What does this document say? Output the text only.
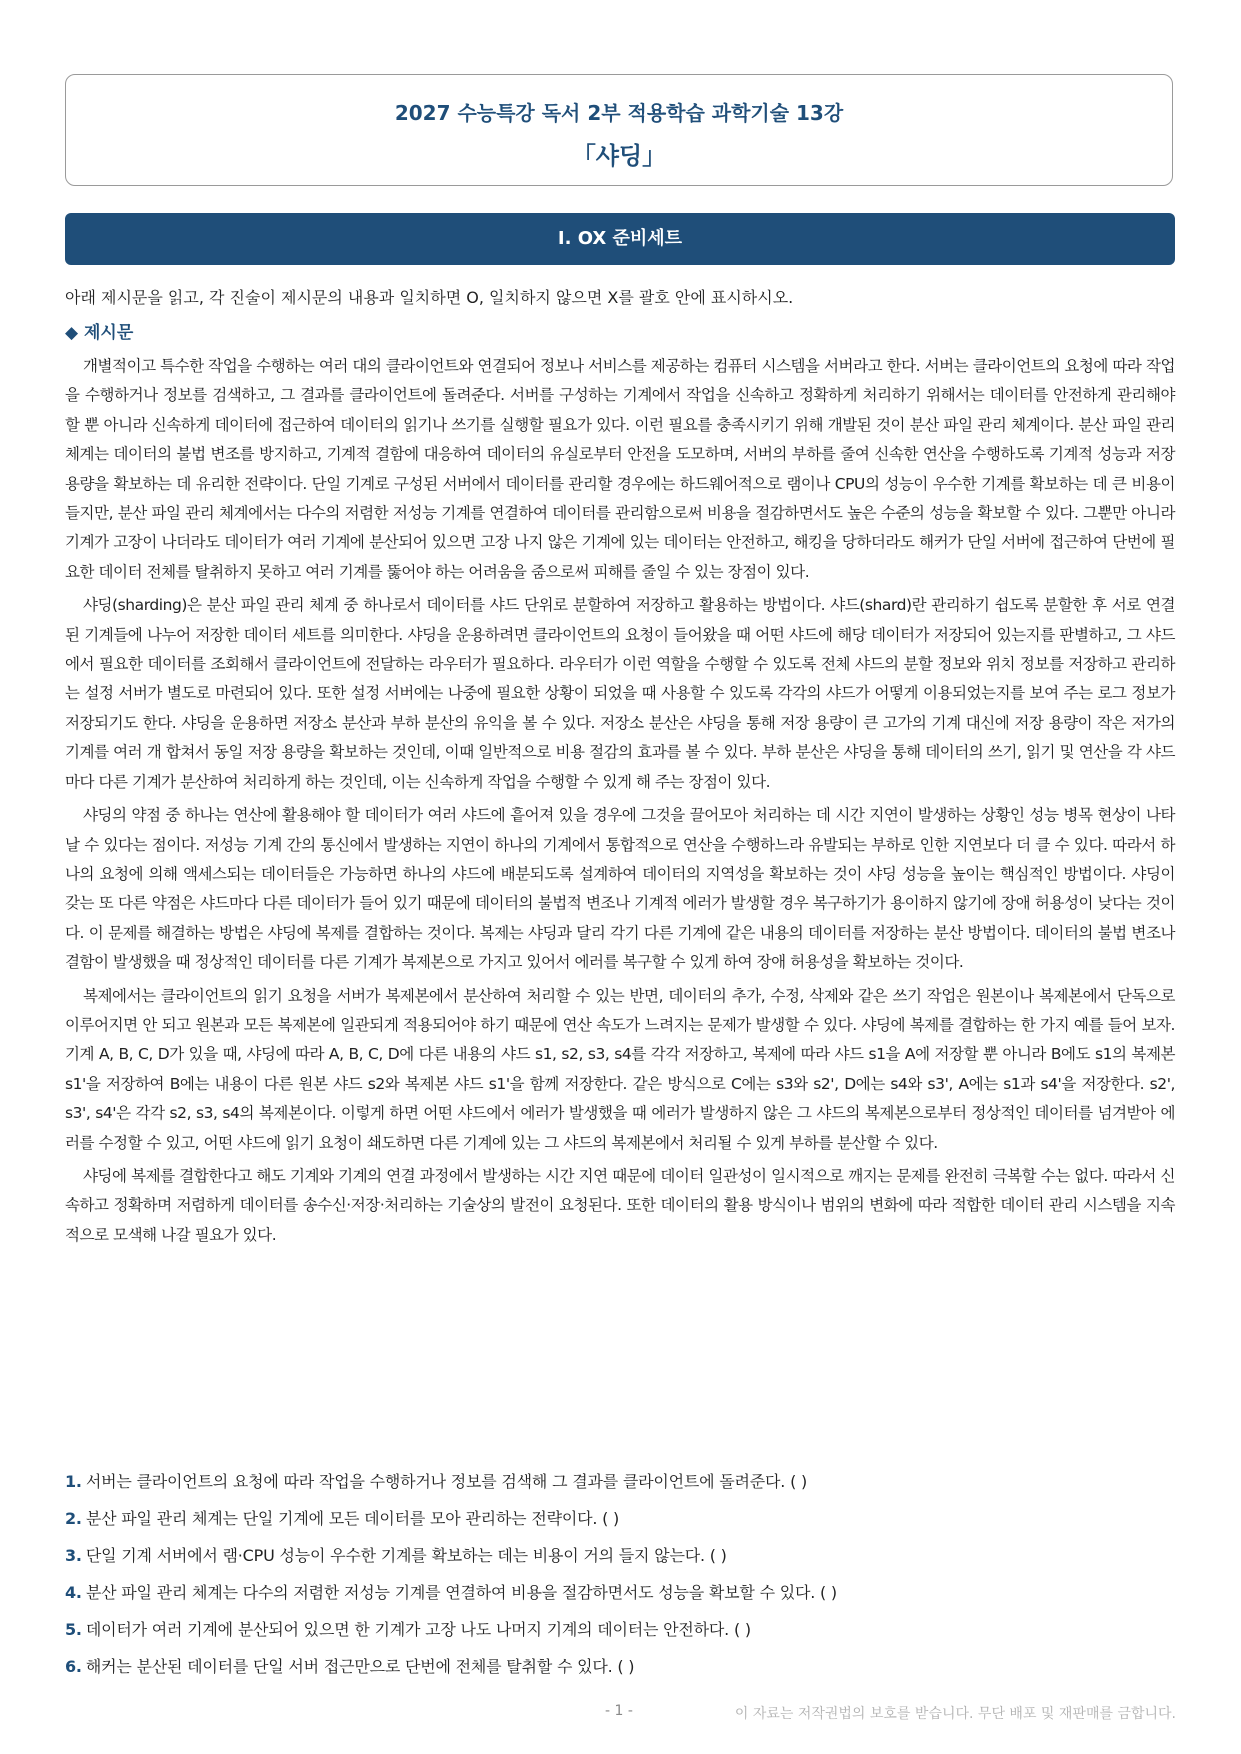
2027 수능특강 독서 2부 적용학습 과학기술 13강
「샤딩」
Ⅰ. OX 준비세트
아래 제시문을 읽고, 각 진술이 제시문의 내용과 일치하면 O, 일치하지 않으면 X를 괄호 안에 표시하시오.
◆ 제시문

개별적이고 특수한 작업을 수행하는 여러 대의 클라이언트와 연결되어 정보나 서비스를 제공하는 컴퓨터 시스템을 서버라고 한다. 서버는 클라이언트의 요청에 따라 작업을 수행하거나 정보를 검색하고, 그 결과를 클라이언트에 돌려준다. 서버를 구성하는 기계에서 작업을 신속하고 정확하게 처리하기 위해서는 데이터를 안전하게 관리해야 할 뿐 아니라 신속하게 데이터에 접근하여 데이터의 읽기나 쓰기를 실행할 필요가 있다. 이런 필요를 충족시키기 위해 개발된 것이 분산 파일 관리 체계이다. 분산 파일 관리 체계는 데이터의 불법 변조를 방지하고, 기계적 결함에 대응하여 데이터의 유실로부터 안전을 도모하며, 서버의 부하를 줄여 신속한 연산을 수행하도록 기계적 성능과 저장 용량을 확보하는 데 유리한 전략이다. 단일 기계로 구성된 서버에서 데이터를 관리할 경우에는 하드웨어적으로 램이나 CPU의 성능이 우수한 기계를 확보하는 데 큰 비용이 들지만, 분산 파일 관리 체계에서는 다수의 저렴한 저성능 기계를 연결하여 데이터를 관리함으로써 비용을 절감하면서도 높은 수준의 성능을 확보할 수 있다. 그뿐만 아니라 기계가 고장이 나더라도 데이터가 여러 기계에 분산되어 있으면 고장 나지 않은 기계에 있는 데이터는 안전하고, 해킹을 당하더라도 해커가 단일 서버에 접근하여 단번에 필요한 데이터 전체를 탈취하지 못하고 여러 기계를 뚫어야 하는 어려움을 줌으로써 피해를 줄일 수 있는 장점이 있다.

샤딩(sharding)은 분산 파일 관리 체계 중 하나로서 데이터를 샤드 단위로 분할하여 저장하고 활용하는 방법이다. 샤드(shard)란 관리하기 쉽도록 분할한 후 서로 연결된 기계들에 나누어 저장한 데이터 세트를 의미한다. 샤딩을 운용하려면 클라이언트의 요청이 들어왔을 때 어떤 샤드에 해당 데이터가 저장되어 있는지를 판별하고, 그 샤드에서 필요한 데이터를 조회해서 클라이언트에 전달하는 라우터가 필요하다. 라우터가 이런 역할을 수행할 수 있도록 전체 샤드의 분할 정보와 위치 정보를 저장하고 관리하는 설정 서버가 별도로 마련되어 있다. 또한 설정 서버에는 나중에 필요한 상황이 되었을 때 사용할 수 있도록 각각의 샤드가 어떻게 이용되었는지를 보여 주는 로그 정보가 저장되기도 한다. 샤딩을 운용하면 저장소 분산과 부하 분산의 유익을 볼 수 있다. 저장소 분산은 샤딩을 통해 저장 용량이 큰 고가의 기계 대신에 저장 용량이 작은 저가의 기계를 여러 개 합쳐서 동일 저장 용량을 확보하는 것인데, 이때 일반적으로 비용 절감의 효과를 볼 수 있다. 부하 분산은 샤딩을 통해 데이터의 쓰기, 읽기 및 연산을 각 샤드마다 다른 기계가 분산하여 처리하게 하는 것인데, 이는 신속하게 작업을 수행할 수 있게 해 주는 장점이 있다.

샤딩의 약점 중 하나는 연산에 활용해야 할 데이터가 여러 샤드에 흩어져 있을 경우에 그것을 끌어모아 처리하는 데 시간 지연이 발생하는 상황인 성능 병목 현상이 나타날 수 있다는 점이다. 저성능 기계 간의 통신에서 발생하는 지연이 하나의 기계에서 통합적으로 연산을 수행하느라 유발되는 부하로 인한 지연보다 더 클 수 있다. 따라서 하나의 요청에 의해 액세스되는 데이터들은 가능하면 하나의 샤드에 배분되도록 설계하여 데이터의 지역성을 확보하는 것이 샤딩 성능을 높이는 핵심적인 방법이다. 샤딩이 갖는 또 다른 약점은 샤드마다 다른 데이터가 들어 있기 때문에 데이터의 불법적 변조나 기계적 에러가 발생할 경우 복구하기가 용이하지 않기에 장애 허용성이 낮다는 것이다. 이 문제를 해결하는 방법은 샤딩에 복제를 결합하는 것이다. 복제는 샤딩과 달리 각기 다른 기계에 같은 내용의 데이터를 저장하는 분산 방법이다. 데이터의 불법 변조나 결함이 발생했을 때 정상적인 데이터를 다른 기계가 복제본으로 가지고 있어서 에러를 복구할 수 있게 하여 장애 허용성을 확보하는 것이다.

복제에서는 클라이언트의 읽기 요청을 서버가 복제본에서 분산하여 처리할 수 있는 반면, 데이터의 추가, 수정, 삭제와 같은 쓰기 작업은 원본이나 복제본에서 단독으로 이루어지면 안 되고 원본과 모든 복제본에 일관되게 적용되어야 하기 때문에 연산 속도가 느려지는 문제가 발생할 수 있다. 샤딩에 복제를 결합하는 한 가지 예를 들어 보자. 기계 A, B, C, D가 있을 때, 샤딩에 따라 A, B, C, D에 다른 내용의 샤드 s1, s2, s3, s4를 각각 저장하고, 복제에 따라 샤드 s1을 A에 저장할 뿐 아니라 B에도 s1의 복제본 s1'을 저장하여 B에는 내용이 다른 원본 샤드 s2와 복제본 샤드 s1'을 함께 저장한다. 같은 방식으로 C에는 s3와 s2', D에는 s4와 s3', A에는 s1과 s4'을 저장한다. s2', s3', s4'은 각각 s2, s3, s4의 복제본이다. 이렇게 하면 어떤 샤드에서 에러가 발생했을 때 에러가 발생하지 않은 그 샤드의 복제본으로부터 정상적인 데이터를 넘겨받아 에러를 수정할 수 있고, 어떤 샤드에 읽기 요청이 쇄도하면 다른 기계에 있는 그 샤드의 복제본에서 처리될 수 있게 부하를 분산할 수 있다.

샤딩에 복제를 결합한다고 해도 기계와 기계의 연결 과정에서 발생하는 시간 지연 때문에 데이터 일관성이 일시적으로 깨지는 문제를 완전히 극복할 수는 없다. 따라서 신속하고 정확하며 저렴하게 데이터를 송수신·저장·처리하는 기술상의 발전이 요청된다. 또한 데이터의 활용 방식이나 범위의 변화에 따라 적합한 데이터 관리 시스템을 지속적으로 모색해 나갈 필요가 있다.

1. 서버는 클라이언트의 요청에 따라 작업을 수행하거나 정보를 검색해 그 결과를 클라이언트에 돌려준다. ( )
2. 분산 파일 관리 체계는 단일 기계에 모든 데이터를 모아 관리하는 전략이다. ( )
3. 단일 기계 서버에서 램·CPU 성능이 우수한 기계를 확보하는 데는 비용이 거의 들지 않는다. ( )
4. 분산 파일 관리 체계는 다수의 저렴한 저성능 기계를 연결하여 비용을 절감하면서도 성능을 확보할 수 있다. ( )
5. 데이터가 여러 기계에 분산되어 있으면 한 기계가 고장 나도 나머지 기계의 데이터는 안전하다. ( )
6. 해커는 분산된 데이터를 단일 서버 접근만으로 단번에 전체를 탈취할 수 있다. ( )
- 1 -	이 자료는 저작권법의 보호를 받습니다. 무단 배포 및 재판매를 금합니다.
